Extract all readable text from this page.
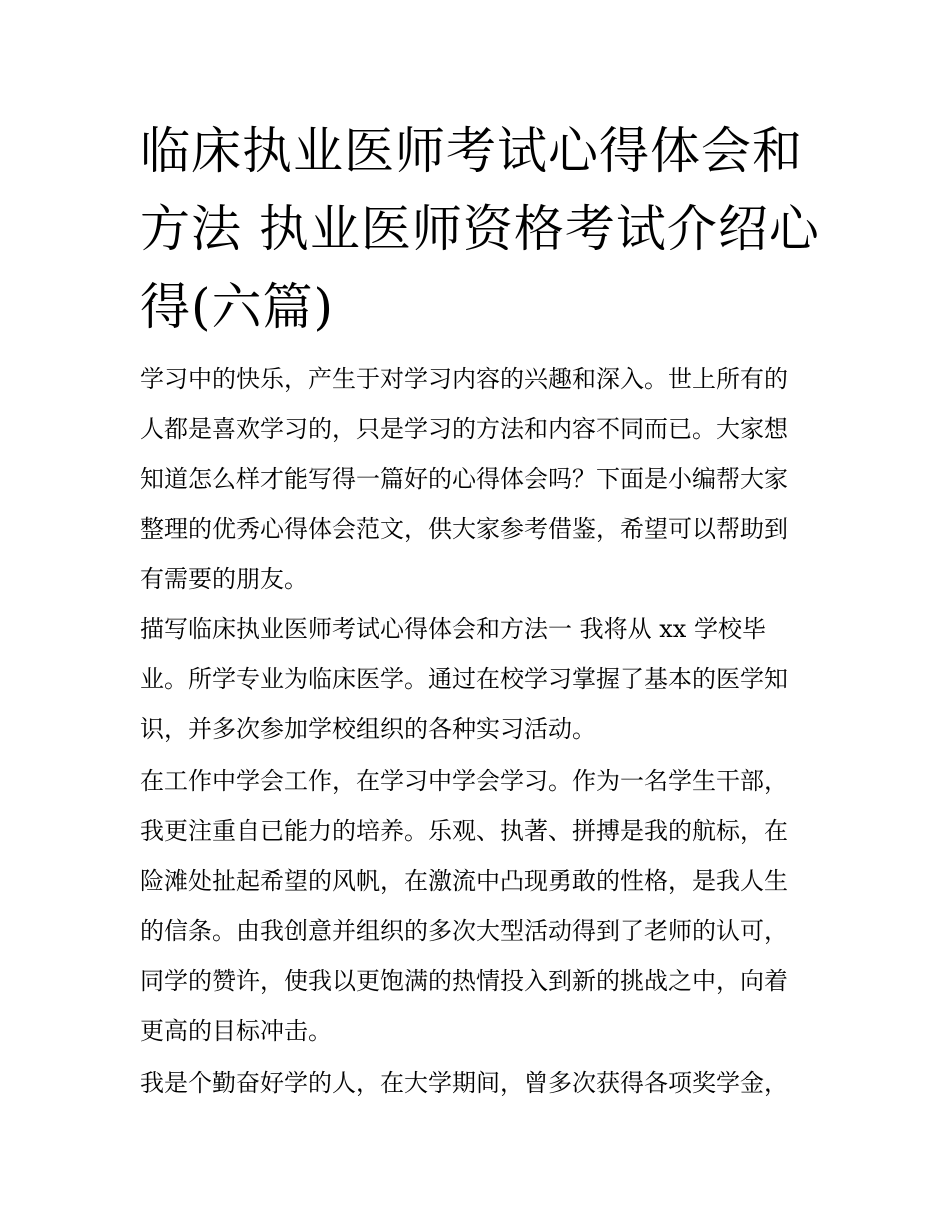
临床执业医师考试心得体会和
方法 执业医师资格考试介绍心
得(六篇)

学习中的快乐，产生于对学习内容的兴趣和深入。世上所有的
人都是喜欢学习的，只是学习的方法和内容不同而已。大家想
知道怎么样才能写得一篇好的心得体会吗？下面是小编帮大家
整理的优秀心得体会范文，供大家参考借鉴，希望可以帮助到
有需要的朋友。

描写临床执业医师考试心得体会和方法一 我将从 xx 学校毕
业。所学专业为临床医学。通过在校学习掌握了基本的医学知
识，并多次参加学校组织的各种实习活动。

在工作中学会工作，在学习中学会学习。作为一名学生干部，
我更注重自已能力的培养。乐观、执著、拼搏是我的航标，在
险滩处扯起希望的风帆，在激流中凸现勇敢的性格，是我人生
的信条。由我创意并组织的多次大型活动得到了老师的认可，
同学的赞许，使我以更饱满的热情投入到新的挑战之中，向着
更高的目标冲击。

我是个勤奋好学的人，在大学期间，曾多次获得各项奖学金，
